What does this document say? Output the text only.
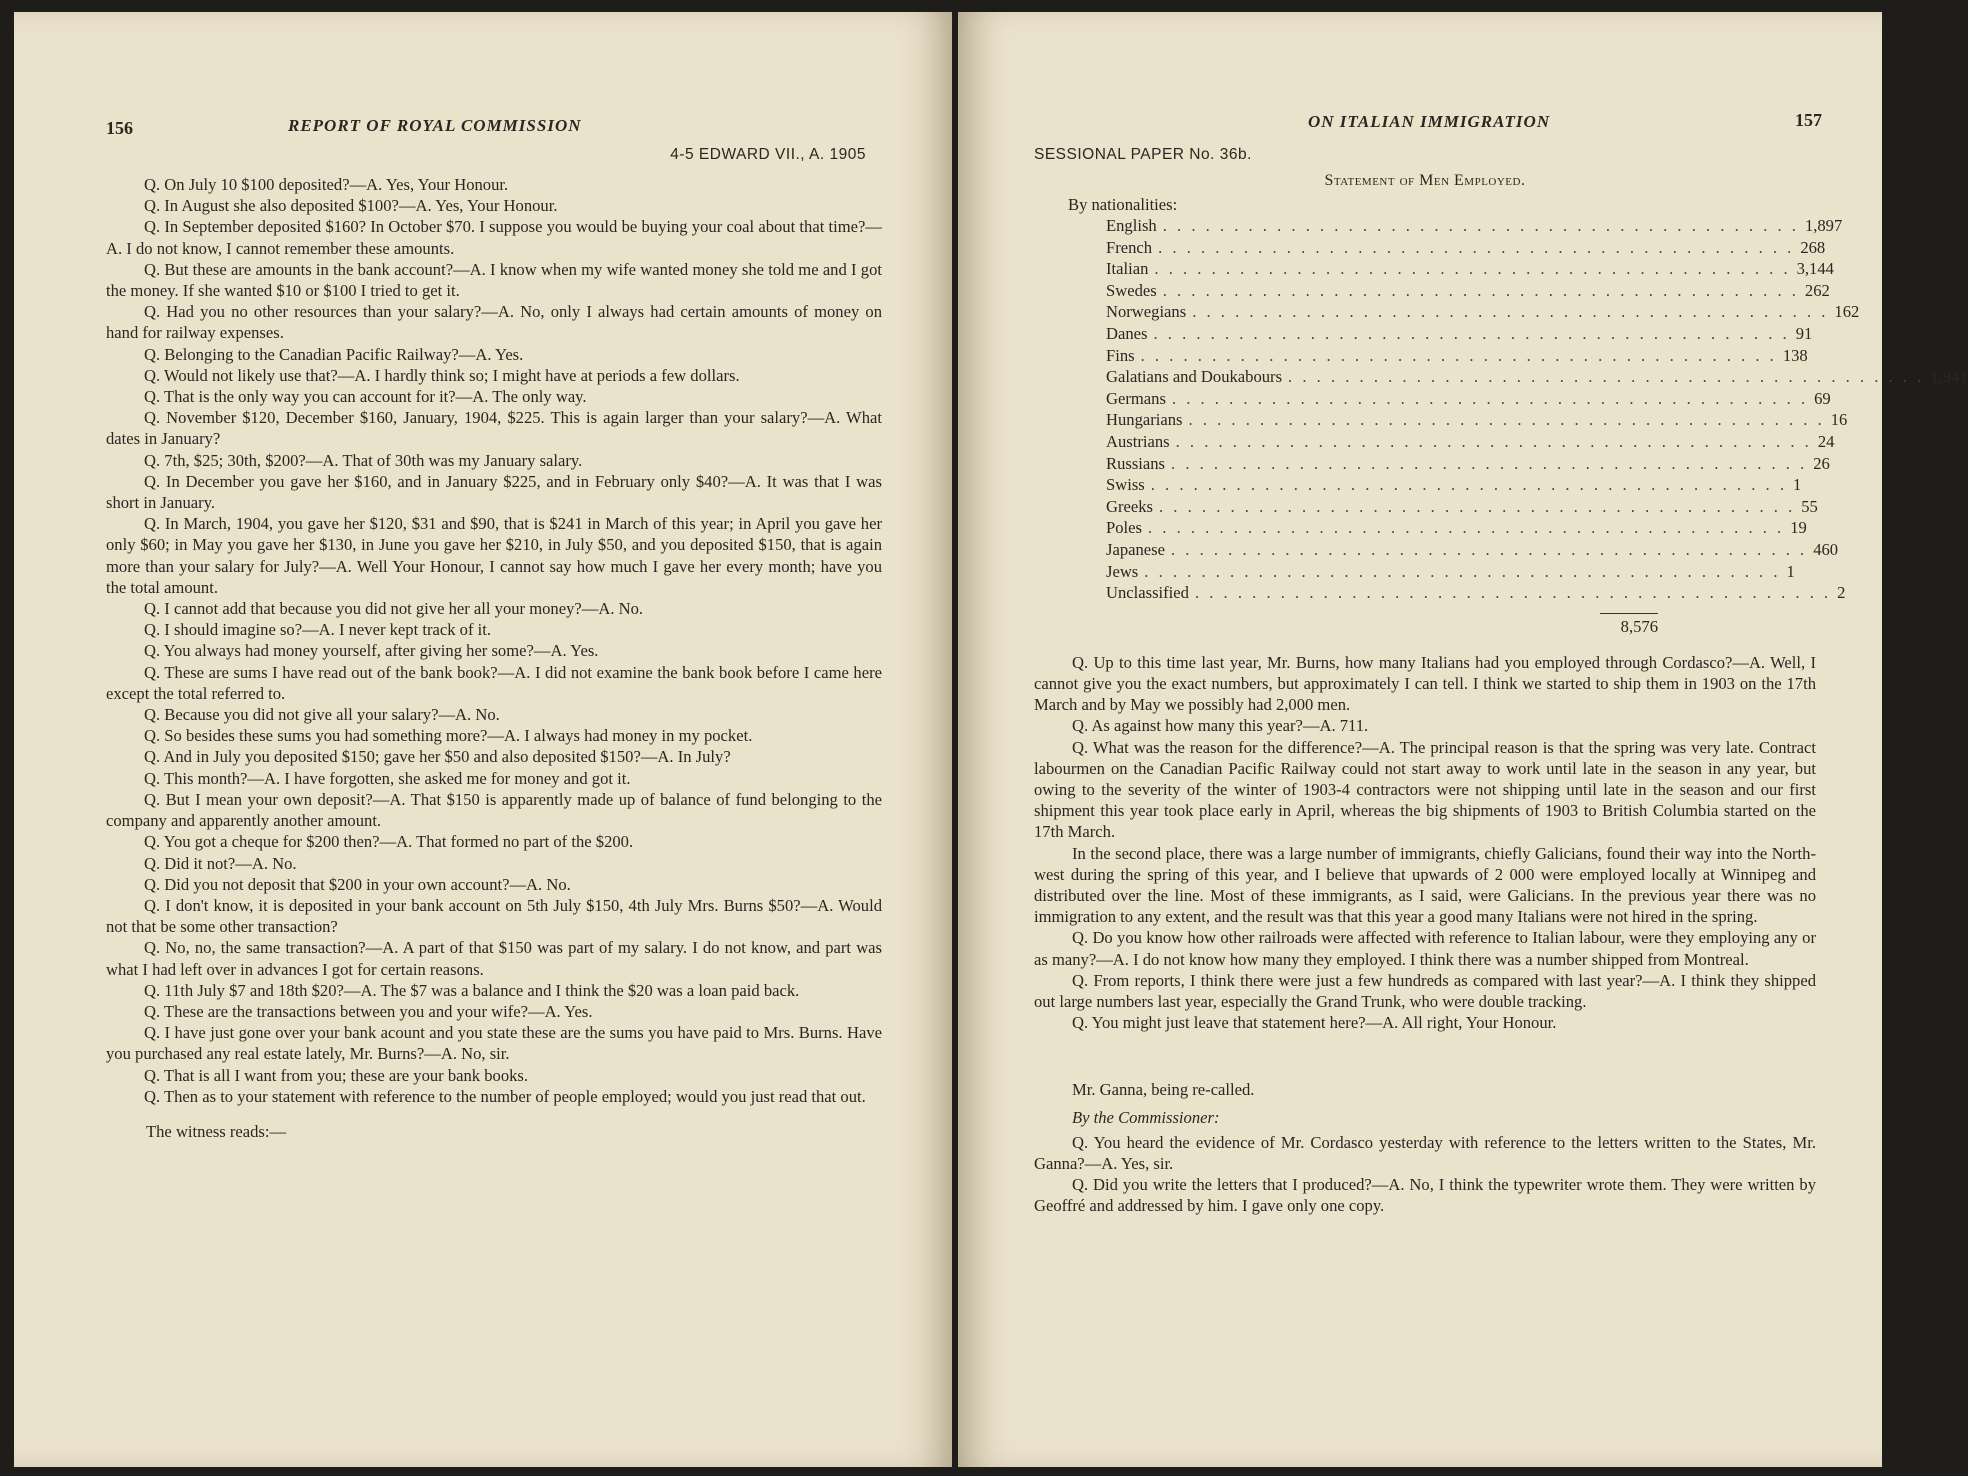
156	REPORT OF ROYAL COMMISSION
4-5 EDWARD VII., A. 1905

Q. On July 10 $100 deposited?—A. Yes, Your Honour.

Q. In August she also deposited $100?—A. Yes, Your Honour.

Q. In September deposited $160? In October $70. I suppose you would be buying your coal about that time?—A. I do not know, I cannot remember these amounts.

Q. But these are amounts in the bank account?—A. I know when my wife wanted money she told me and I got the money. If she wanted $10 or $100 I tried to get it.

Q. Had you no other resources than your salary?—A. No, only I always had certain amounts of money on hand for railway expenses.

Q. Belonging to the Canadian Pacific Railway?—A. Yes.

Q. Would not likely use that?—A. I hardly think so; I might have at periods a few dollars.

Q. That is the only way you can account for it?—A. The only way.

Q. November $120, December $160, January, 1904, $225. This is again larger than your salary?—A. What dates in January?

Q. 7th, $25; 30th, $200?—A. That of 30th was my January salary.

Q. In December you gave her $160, and in January $225, and in February only $40?—A. It was that I was short in January.

Q. In March, 1904, you gave her $120, $31 and $90, that is $241 in March of this year; in April you gave her only $60; in May you gave her $130, in June you gave her $210, in July $50, and you deposited $150, that is again more than your salary for July?—A. Well Your Honour, I cannot say how much I gave her every month; have you the total amount.

Q. I cannot add that because you did not give her all your money?—A. No.

Q. I should imagine so?—A. I never kept track of it.

Q. You always had money yourself, after giving her some?—A. Yes.

Q. These are sums I have read out of the bank book?—A. I did not examine the bank book before I came here except the total referred to.

Q. Because you did not give all your salary?—A. No.

Q. So besides these sums you had something more?—A. I always had money in my pocket.

Q. And in July you deposited $150; gave her $50 and also deposited $150?—A. In July?

Q. This month?—A. I have forgotten, she asked me for money and got it.

Q. But I mean your own deposit?—A. That $150 is apparently made up of balance of fund belonging to the company and apparently another amount.

Q. You got a cheque for $200 then?—A. That formed no part of the $200.

Q. Did it not?—A. No.

Q. Did you not deposit that $200 in your own account?—A. No.

Q. I don't know, it is deposited in your bank account on 5th July $150, 4th July Mrs. Burns $50?—A. Would not that be some other transaction?

Q. No, no, the same transaction?—A. A part of that $150 was part of my salary. I do not know, and part was what I had left over in advances I got for certain reasons.

Q. 11th July $7 and 18th $20?—A. The $7 was a balance and I think the $20 was a loan paid back.

Q. These are the transactions between you and your wife?—A. Yes.

Q. I have just gone over your bank acount and you state these are the sums you have paid to Mrs. Burns. Have you purchased any real estate lately, Mr. Burns?—A. No, sir.

Q. That is all I want from you; these are your bank books.

Q. Then as to your statement with reference to the number of people employed; would you just read that out.

The witness reads:—

ON ITALIAN IMMIGRATION	157
SESSIONAL PAPER No. 36b.
Statement of Men Employed.
By nationalities:
English . . . . . . . . . . . . . . . . . . . . . . . . . . . . . . . . . . . . . . . . . . . . . 1,897
French . . . . . . . . . . . . . . . . . . . . . . . . . . . . . . . . . . . . . . . . . . . . . 268
Italian . . . . . . . . . . . . . . . . . . . . . . . . . . . . . . . . . . . . . . . . . . . . . 3,144
Swedes . . . . . . . . . . . . . . . . . . . . . . . . . . . . . . . . . . . . . . . . . . . . . 262
Norwegians . . . . . . . . . . . . . . . . . . . . . . . . . . . . . . . . . . . . . . . . . . . . . 162
Danes . . . . . . . . . . . . . . . . . . . . . . . . . . . . . . . . . . . . . . . . . . . . . 91
Fins . . . . . . . . . . . . . . . . . . . . . . . . . . . . . . . . . . . . . . . . . . . . . 138
Galatians and Doukabours . . . . . . . . . . . . . . . . . . . . . . . . . . . . . . . . . . . . . . . . . . . . . 1,941
Germans . . . . . . . . . . . . . . . . . . . . . . . . . . . . . . . . . . . . . . . . . . . . . 69
Hungarians . . . . . . . . . . . . . . . . . . . . . . . . . . . . . . . . . . . . . . . . . . . . . 16
Austrians . . . . . . . . . . . . . . . . . . . . . . . . . . . . . . . . . . . . . . . . . . . . . 24
Russians . . . . . . . . . . . . . . . . . . . . . . . . . . . . . . . . . . . . . . . . . . . . . 26
Swiss . . . . . . . . . . . . . . . . . . . . . . . . . . . . . . . . . . . . . . . . . . . . . 1
Greeks . . . . . . . . . . . . . . . . . . . . . . . . . . . . . . . . . . . . . . . . . . . . . 55
Poles . . . . . . . . . . . . . . . . . . . . . . . . . . . . . . . . . . . . . . . . . . . . . 19
Japanese . . . . . . . . . . . . . . . . . . . . . . . . . . . . . . . . . . . . . . . . . . . . . 460
Jews . . . . . . . . . . . . . . . . . . . . . . . . . . . . . . . . . . . . . . . . . . . . . 1
Unclassified . . . . . . . . . . . . . . . . . . . . . . . . . . . . . . . . . . . . . . . . . . . . . 2
8,576

Q. Up to this time last year, Mr. Burns, how many Italians had you employed through Cordasco?—A. Well, I cannot give you the exact numbers, but approximately I can tell. I think we started to ship them in 1903 on the 17th March and by May we possibly had 2,000 men.

Q. As against how many this year?—A. 711.

Q. What was the reason for the difference?—A. The principal reason is that the spring was very late. Contract labourmen on the Canadian Pacific Railway could not start away to work until late in the season in any year, but owing to the severity of the winter of 1903-4 contractors were not shipping until late in the season and our first shipment this year took place early in April, whereas the big shipments of 1903 to British Columbia started on the 17th March.

In the second place, there was a large number of immigrants, chiefly Galicians, found their way into the North-west during the spring of this year, and I believe that upwards of 2 000 were employed locally at Winnipeg and distributed over the line. Most of these immigrants, as I said, were Galicians. In the previous year there was no immigration to any extent, and the result was that this year a good many Italians were not hired in the spring.

Q. Do you know how other railroads were affected with reference to Italian labour, were they employing any or as many?—A. I do not know how many they employed. I think there was a number shipped from Montreal.

Q. From reports, I think there were just a few hundreds as compared with last year?—A. I think they shipped out large numbers last year, especially the Grand Trunk, who were double tracking.

Q. You might just leave that statement here?—A. All right, Your Honour.

Mr. Ganna, being re-called.

By the Commissioner:

Q. You heard the evidence of Mr. Cordasco yesterday with reference to the letters written to the States, Mr. Ganna?—A. Yes, sir.

Q. Did you write the letters that I produced?—A. No, I think the typewriter wrote them. They were written by Geoffré and addressed by him. I gave only one copy.
